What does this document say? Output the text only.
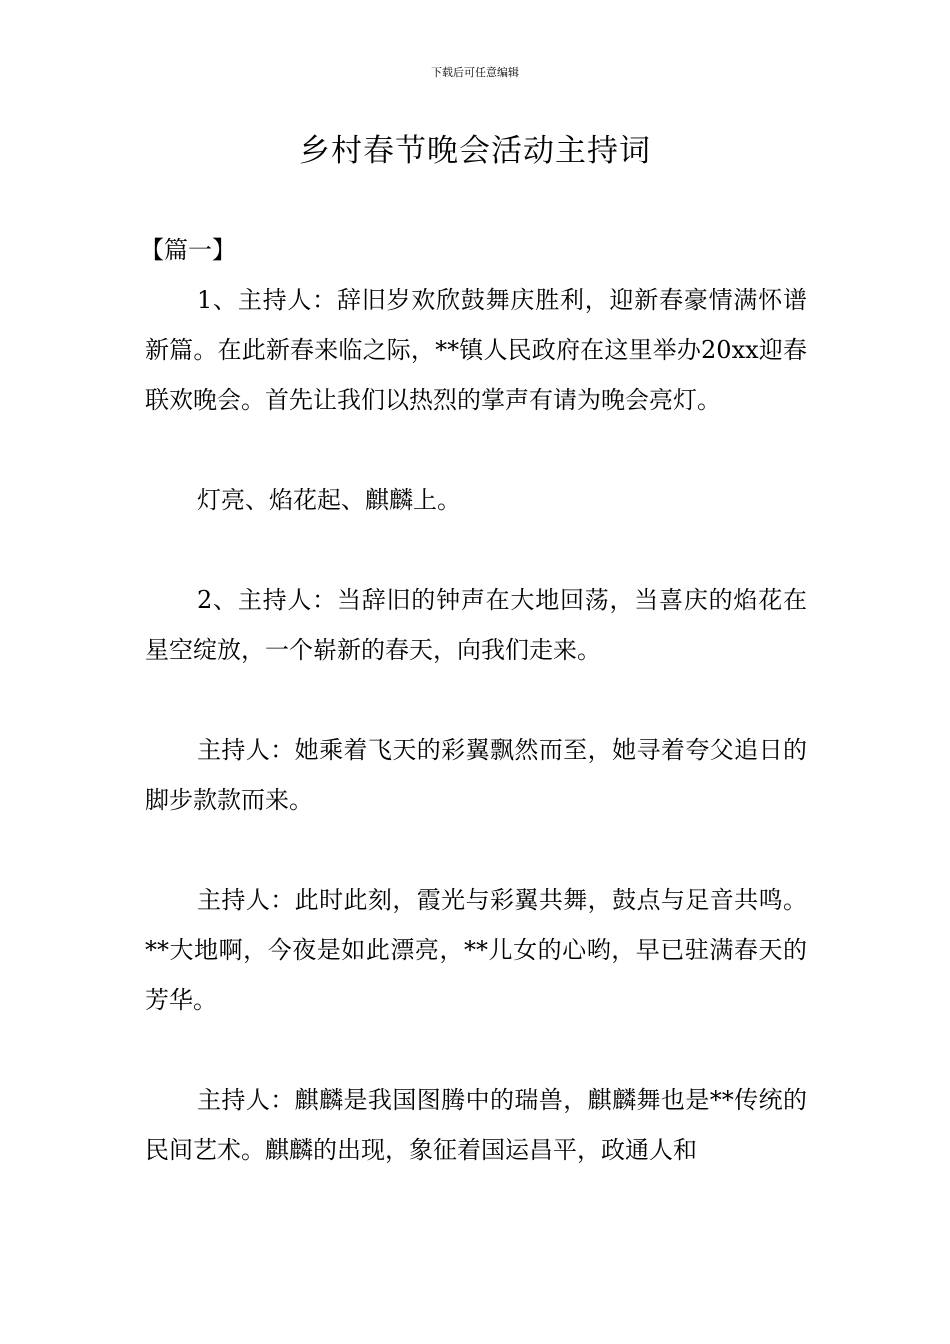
下载后可任意编辑
乡村春节晚会活动主持词

【篇一】

1、主持人：辞旧岁欢欣鼓舞庆胜利，迎新春豪情满怀谱新篇。在此新春来临之际，**镇人民政府在这里举办20xx迎春联欢晚会。首先让我们以热烈的掌声有请为晚会亮灯。

灯亮、焰花起、麒麟上。

2、主持人：当辞旧的钟声在大地回荡，当喜庆的焰花在星空绽放，一个崭新的春天，向我们走来。

主持人：她乘着飞天的彩翼飘然而至，她寻着夸父追日的脚步款款而来。

主持人：此时此刻，霞光与彩翼共舞，鼓点与足音共鸣。**大地啊，今夜是如此漂亮，**儿女的心哟，早已驻满春天的芳华。

主持人：麒麟是我国图腾中的瑞兽，麒麟舞也是**传统的民间艺术。麒麟的出现，象征着国运昌平，政通人和
